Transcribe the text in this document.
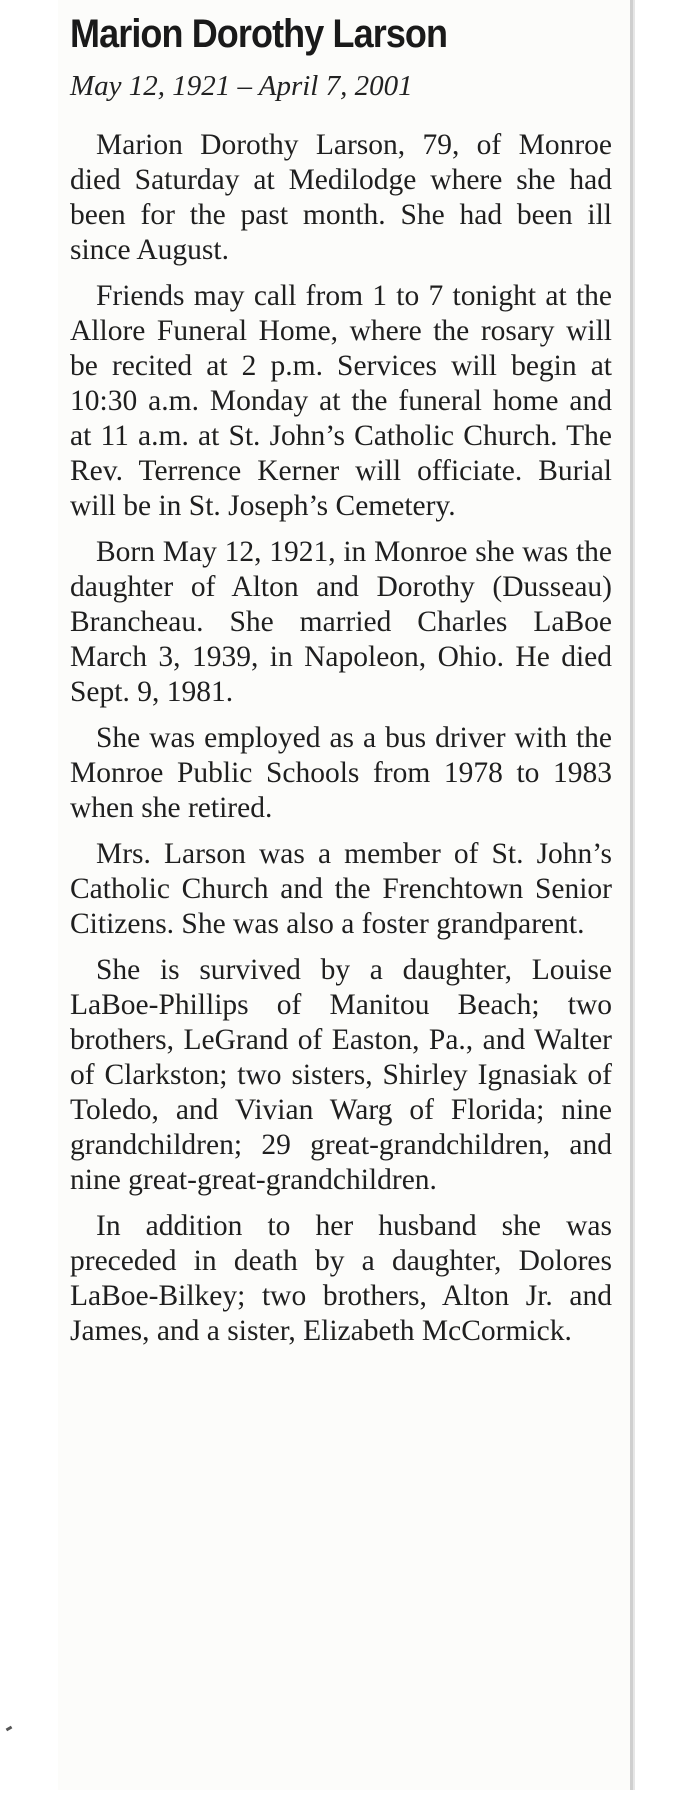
Marion Dorothy Larson
May 12, 1921 – April 7, 2001

Marion Dorothy Larson, 79, of Monroe died Saturday at Medilodge where she had been for the past month. She had been ill since August.

Friends may call from 1 to 7 tonight at the Allore Funeral Home, where the rosary will be recited at 2 p.m. Services will begin at 10:30 a.m. Monday at the funeral home and at 11 a.m. at St. John’s Catholic Church. The Rev. Terrence Kerner will officiate. Burial will be in St. Joseph’s Cemetery.

Born May 12, 1921, in Monroe she was the daughter of Alton and Dorothy (Dusseau) Brancheau. She married Charles LaBoe March 3, 1939, in Napoleon, Ohio. He died Sept. 9, 1981.

She was employed as a bus driver with the Monroe Public Schools from 1978 to 1983 when she retired.

Mrs. Larson was a member of St. John’s Catholic Church and the Frenchtown Senior Citizens. She was also a foster grandparent.

She is survived by a daughter, Louise LaBoe-Phillips of Manitou Beach; two brothers, LeGrand of Easton, Pa., and Walter of Clarkston; two sisters, Shirley Ignasiak of Toledo, and Vivian Warg of Florida; nine grandchildren; 29 great-grandchildren, and nine great-great-grandchildren.

In addition to her husband she was preceded in death by a daughter, Dolores LaBoe-Bilkey; two brothers, Alton Jr. and James, and a sister, Elizabeth McCormick.
